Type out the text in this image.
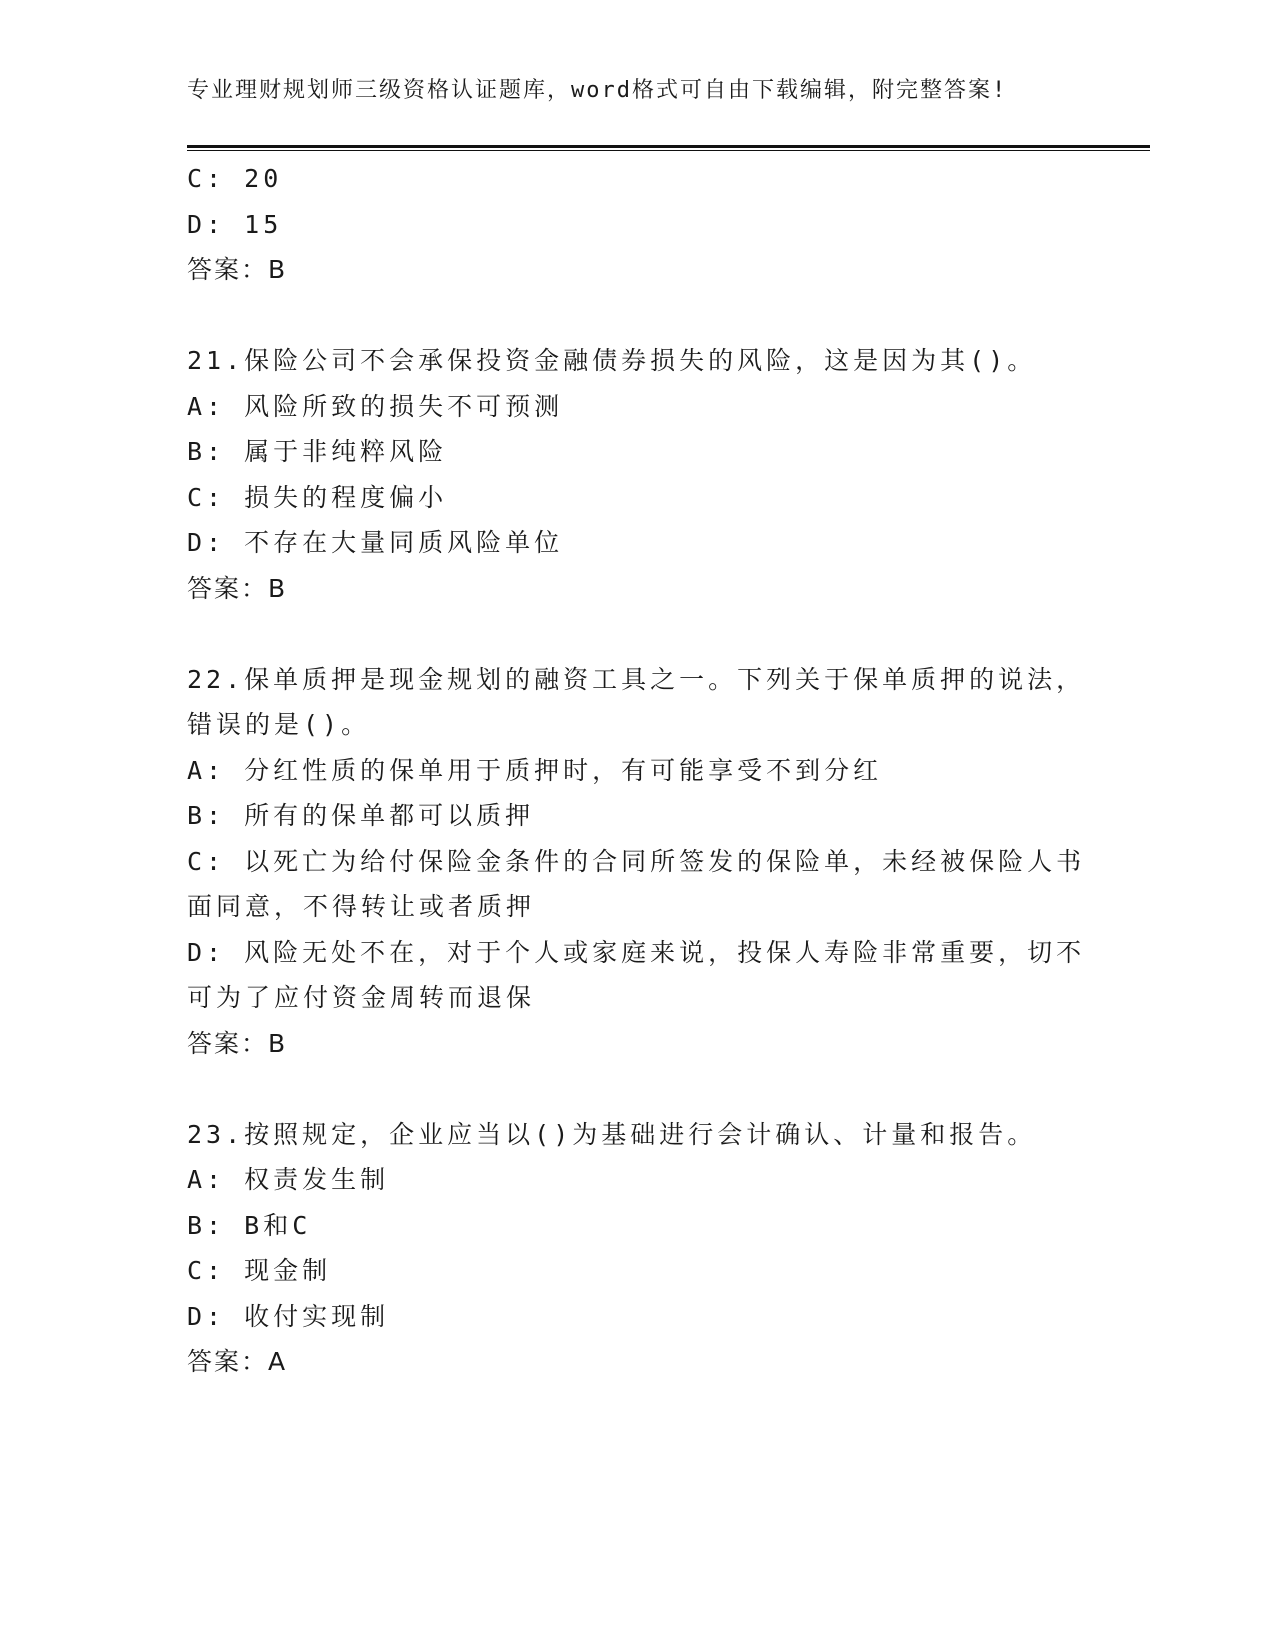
专业理财规划师三级资格认证题库，word格式可自由下载编辑，附完整答案!
C: 20
D: 15
答案：B
21.保险公司不会承保投资金融债券损失的风险，这是因为其()。
A: 风险所致的损失不可预测
B: 属于非纯粹风险
C: 损失的程度偏小
D: 不存在大量同质风险单位
答案：B
22.保单质押是现金规划的融资工具之一。下列关于保单质押的说法，
错误的是()。
A: 分红性质的保单用于质押时，有可能享受不到分红
B: 所有的保单都可以质押
C: 以死亡为给付保险金条件的合同所签发的保险单，未经被保险人书
面同意，不得转让或者质押
D: 风险无处不在，对于个人或家庭来说，投保人寿险非常重要，切不
可为了应付资金周转而退保
答案：B
23.按照规定，企业应当以()为基础进行会计确认、计量和报告。
A: 权责发生制
B: B和C
C: 现金制
D: 收付实现制
答案：A
